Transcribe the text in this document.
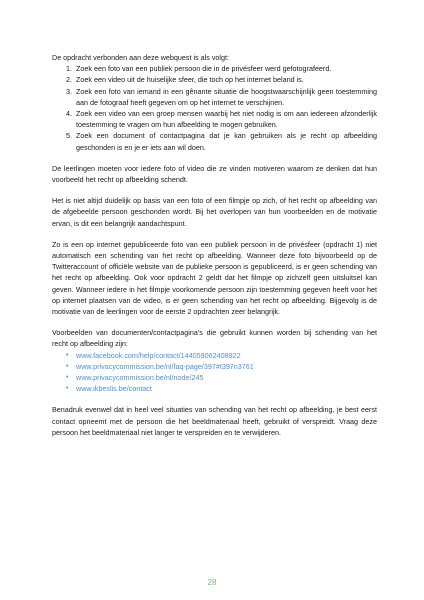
De opdracht verbonden aan deze webquest is als volgt:

1. Zoek een foto van een publiek persoon die in de privésfeer werd gefotografeerd.
2. Zoek een video uit de huiselijke sfeer, die toch op het internet beland is.
3. Zoek een foto van iemand in een gênante situatie die hoogstwaarschijnlijk geen toestemming aan de fotograaf heeft gegeven om op het internet te verschijnen.
4. Zoek een video van een groep mensen waarbij het niet nodig is om aan iedereen afzonderlijk toestemming te vragen om hun afbeelding te mogen gebruiken.
5. Zoek een document of contactpagina dat je kan gebruiken als je recht op afbeelding geschonden is en je er iets aan wil doen.

De leerlingen moeten voor iedere foto of video die ze vinden motiveren waarom ze denken dat hun voorbeeld het recht op afbeelding schendt.

Het is niet altijd duidelijk op basis van een foto of een filmpje op zich, of het recht op afbeelding van de afgebeelde persoon geschonden wordt. Bij het overlopen van hun voorbeelden en de motivatie ervan, is dit een belangrijk aandachtspunt.

Zo is een op internet gepubliceerde foto van een publiek persoon in de privésfeer (opdracht 1) niet automatisch een schending van het recht op afbeelding. Wanneer deze foto bijvoorbeeld op de Twitteraccount of officiële website van de publieke persoon is gepubliceerd, is er geen schending van het recht op afbeelding. Ook voor opdracht 2 geldt dat het filmpje op zichzelf geen uitsluitsel kan geven. Wanneer iedere in het filmpje voorkomende persoon zijn toestemming gegeven heeft voor het op internet plaatsen van de video, is er geen schending van het recht op afbeelding. Bijgevolg is de motivatie van de leerlingen voor de eerste 2 opdrachten zeer belangrijk.

Voorbeelden van documenten/contactpagina's die gebruikt kunnen worden bij schending van het recht op afbeelding zijn:

• www.facebook.com/help/contact/144059062408922
• www.privacycommission.be/nl/faq-page/397#t397n3761
• www.privacycommission.be/nl/node/245
• www.ikbeslis.be/contact

Benadruk evenwel dat in heel veel situaties van schending van het recht op afbeelding, je best eerst contact opneemt met de persoon die het beeldmateriaal heeft, gebruikt of verspreidt. Vraag deze persoon het beeldmateriaal niet langer te verspreiden en te verwijderen.

28
